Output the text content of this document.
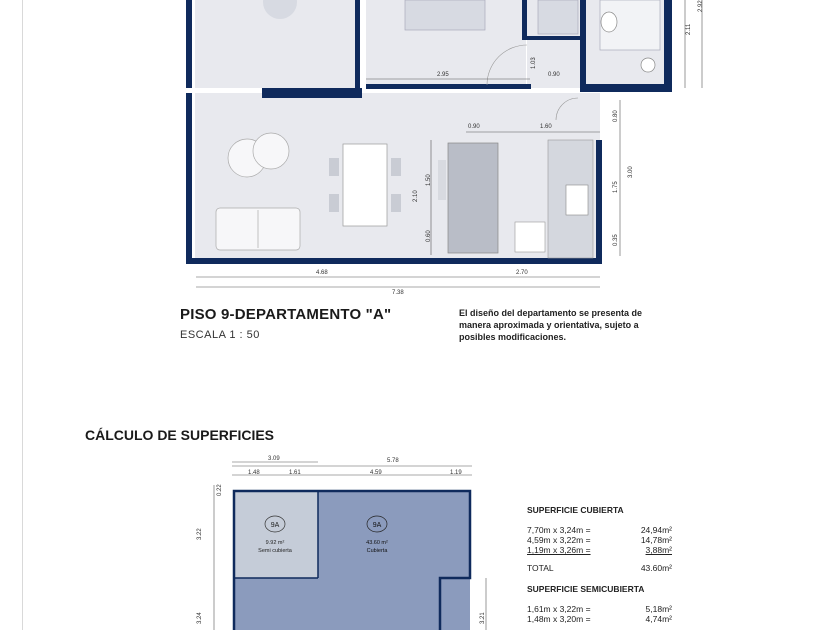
2.95
1.03
0.90
0.90	1.60
2.92
2.11
0.80
3.00
1.75
0.35
1.50
2.10
0.60
4.68	2.70
7.38
PISO 9-DEPARTAMENTO "A"
ESCALA 1 : 50
El diseño del departamento se presenta de manera aproximada y orientativa, sujeto a posibles modificaciones.
CÁLCULO DE SUPERFICIES
3.09	5.78
1.48	1.61	4.59	1.19
0.22
3.22
3.24	3.21
9A
9.92 m²
Semi cubierta
9A
43.60 m²
Cubierta
SUPERFICIE CUBIERTA
7,70m x 3,24m =	24,94m²
4,59m x 3,22m =	14,78m²
1,19m x 3,26m =	3,88m²
TOTAL	43.60m²
SUPERFICIE SEMICUBIERTA
1,61m x 3,22m =	5,18m²
1,48m x 3,20m =	4,74m²
